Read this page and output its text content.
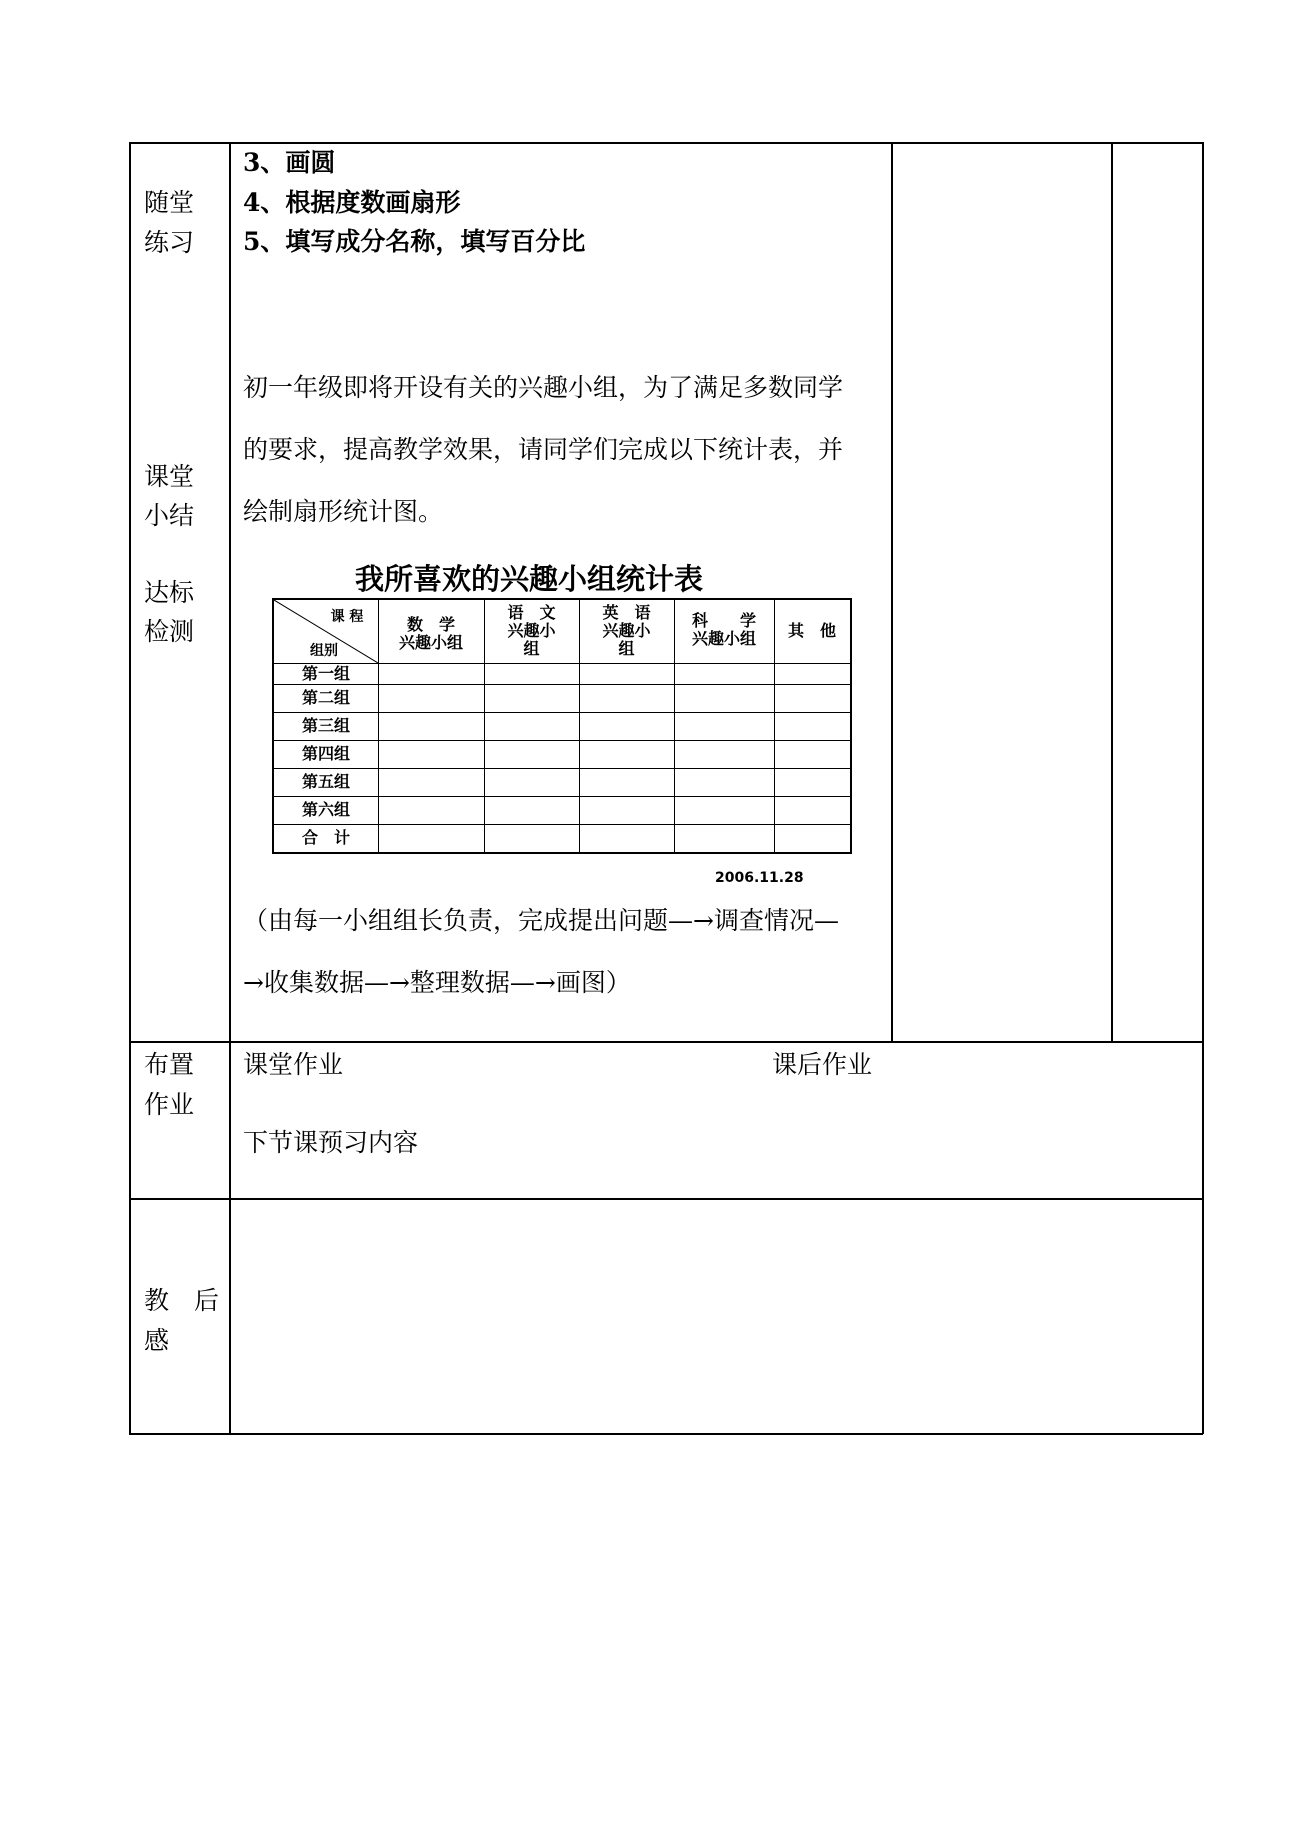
随堂
练习
课堂
小结
达标
检测
布置
作业
教　后
感
3、画圆
4、根据度数画扇形
5、填写成分名称，填写百分比
初一年级即将开设有关的兴趣小组，为了满足多数同学
的要求，提高教学效果，请同学们完成以下统计表，并
绘制扇形统计图。
我所喜欢的兴趣小组统计表
课 程
组别
数　学
兴趣小组
语　文
兴趣小
组
英　语
兴趣小
组
科　　学
兴趣小组	其　他
第一组
第二组
第三组
第四组
第五组
第六组
合　计
2006.11.28
（由每一小组组长负责，完成提出问题—→调查情况—
→收集数据—→整理数据—→画图）
课堂作业	课后作业
下节课预习内容
